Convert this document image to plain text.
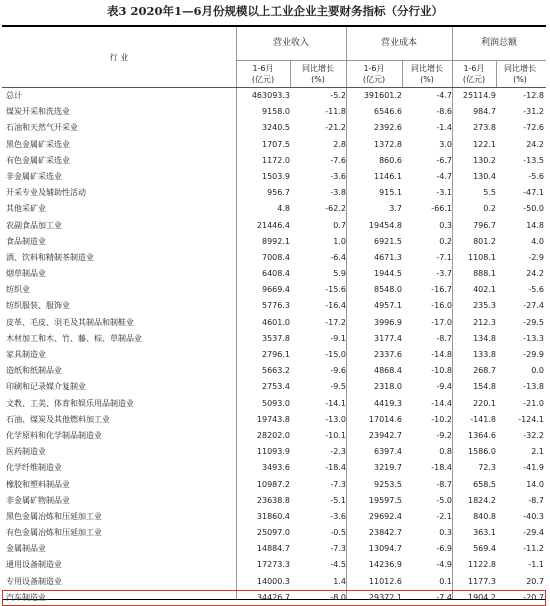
表3 2020年1—6月份规模以上工业企业主要财务指标（分行业）
行 业
营业收入	营业成本	利润总额
1-6月
(亿元)
同比增长
(%)
1-6月
(亿元)
同比增长
(%)
1-6月
(亿元)
同比增长
(%)
总计	463093.3	-5.2	391601.2	-4.7	25114.9	-12.8
煤炭开采和洗选业	9158.0	-11.8	6546.6	-8.6	984.7	-31.2
石油和天然气开采业	3240.5	-21.2	2392.6	-1.4	273.8	-72.6
黑色金属矿采选业	1707.5	2.8	1372.8	3.0	122.1	24.2
有色金属矿采选业	1172.0	-7.6	860.6	-6.7	130.2	-13.5
非金属矿采选业	1503.9	-3.6	1146.1	-4.7	130.4	-5.6
开采专业及辅助性活动	956.7	-3.8	915.1	-3.1	5.5	-47.1
其他采矿业	4.8	-62.2	3.7	-66.1	0.2	-50.0
农副食品加工业	21446.4	0.7	19454.8	0.3	796.7	14.8
食品制造业	8992.1	1.0	6921.5	0.2	801.2	4.0
酒、饮料和精制茶制造业	7008.4	-6.4	4671.3	-7.1	1108.1	-2.9
烟草制品业	6408.4	5.9	1944.5	-3.7	888.1	24.2
纺织业	9669.4	-15.6	8548.0	-16.7	402.1	-5.6
纺织服装、服饰业	5776.3	-16.4	4957.1	-16.0	235.3	-27.4
皮革、毛皮、羽毛及其制品和制鞋业	4601.0	-17.2	3996.9	-17.0	212.3	-29.5
木材加工和木、竹、藤、棕、草制品业	3537.8	-9.1	3177.4	-8.7	134.8	-13.3
家具制造业	2796.1	-15.0	2337.6	-14.8	133.8	-29.9
造纸和纸制品业	5663.2	-9.6	4868.4	-10.8	268.7	0.0
印刷和记录媒介复制业	2753.4	-9.5	2318.0	-9.4	154.8	-13.8
文教、工美、体育和娱乐用品制造业	5093.0	-14.1	4419.3	-14.4	220.1	-21.0
石油、煤炭及其他燃料加工业	19743.8	-13.0	17014.6	-10.2	-141.8	-124.1
化学原料和化学制品制造业	28202.0	-10.1	23942.7	-9.2	1364.6	-32.2
医药制造业	11093.9	-2.3	6397.4	0.8	1586.0	2.1
化学纤维制造业	3493.6	-18.4	3219.7	-18.4	72.3	-41.9
橡胶和塑料制品业	10987.2	-7.3	9253.5	-8.7	658.5	14.0
非金属矿物制品业	23638.8	-5.1	19597.5	-5.0	1824.2	-8.7
黑色金属冶炼和压延加工业	31860.4	-3.6	29692.4	-2.1	840.8	-40.3
有色金属冶炼和压延加工业	25097.0	-0.5	23842.7	0.3	363.1	-29.4
金属制品业	14884.7	-7.3	13094.7	-6.9	569.4	-11.2
通用设备制造业	17273.3	-4.5	14236.9	-4.9	1122.8	-1.1
专用设备制造业	14000.3	1.4	11012.6	0.1	1177.3	20.7
汽车制造业	34426.7	-8.0	29372.1	-7.4	1904.2	-20.7
